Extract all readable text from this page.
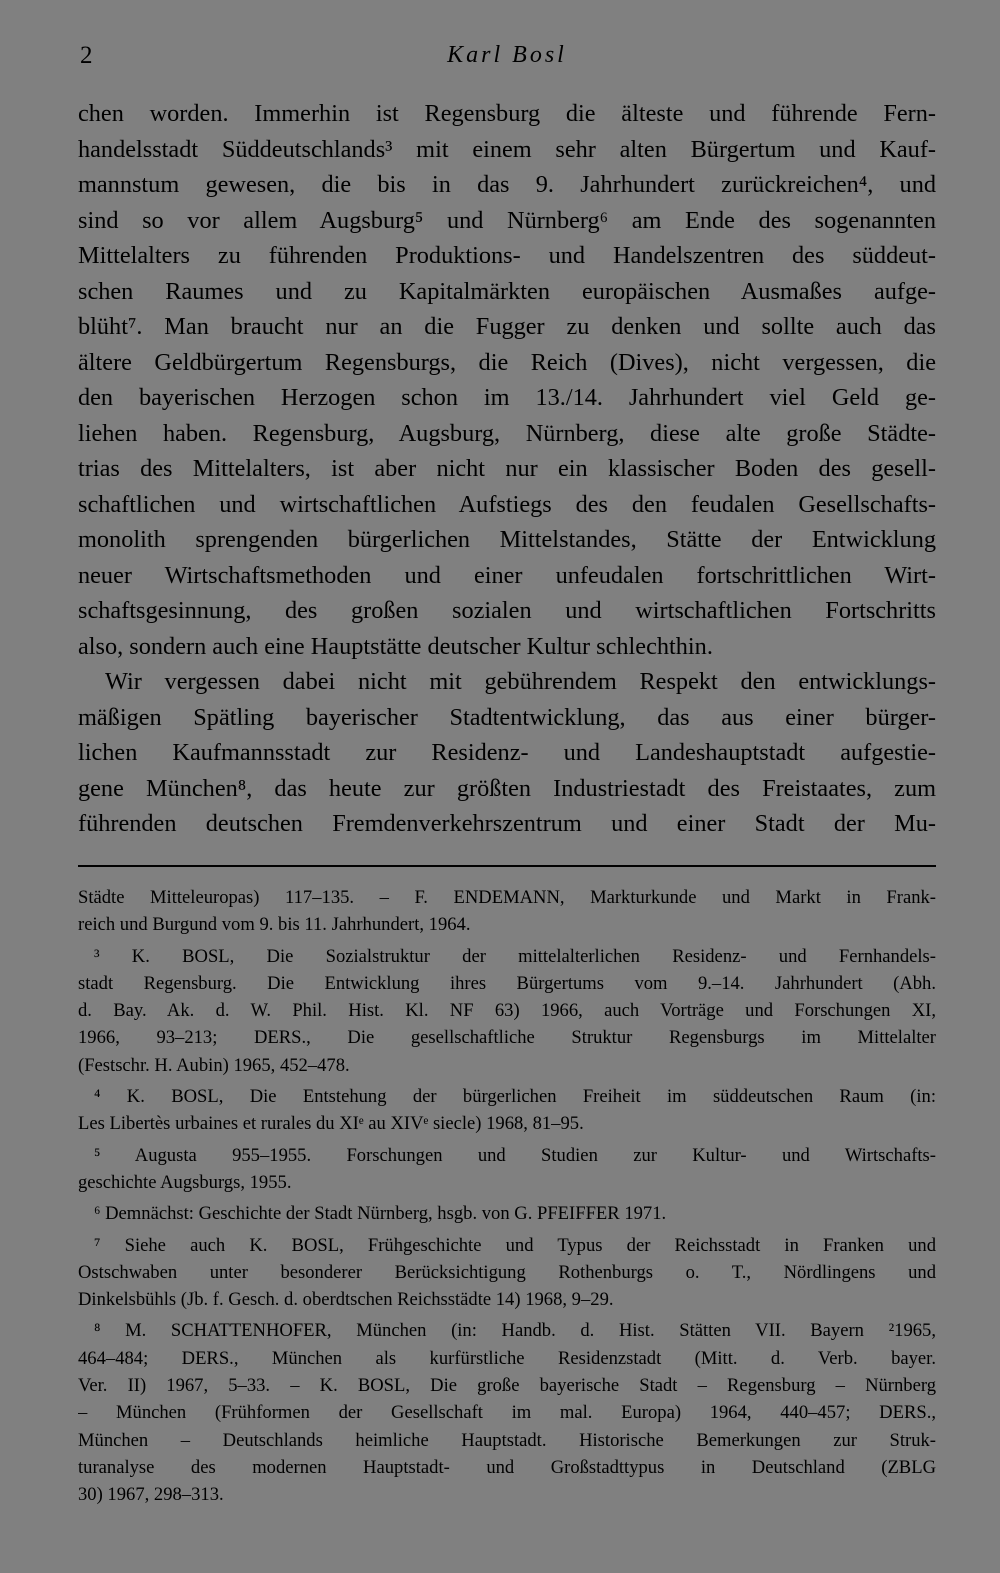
2	Karl Bosl
chen worden. Immerhin ist Regensburg die älteste und führende Fern-
handelsstadt Süddeutschlands³ mit einem sehr alten Bürgertum und Kauf-
mannstum gewesen, die bis in das 9. Jahrhundert zurückreichen⁴, und
sind so vor allem Augsburg⁵ und Nürnberg⁶ am Ende des sogenannten
Mittelalters zu führenden Produktions- und Handelszentren des süddeut-
schen Raumes und zu Kapitalmärkten europäischen Ausmaßes aufge-
blüht⁷. Man braucht nur an die Fugger zu denken und sollte auch das
ältere Geldbürgertum Regensburgs, die Reich (Dives), nicht vergessen, die
den bayerischen Herzogen schon im 13./14. Jahrhundert viel Geld ge-
liehen haben. Regensburg, Augsburg, Nürnberg, diese alte große Städte-
trias des Mittelalters, ist aber nicht nur ein klassischer Boden des gesell-
schaftlichen und wirtschaftlichen Aufstiegs des den feudalen Gesellschafts-
monolith sprengenden bürgerlichen Mittelstandes, Stätte der Entwicklung
neuer Wirtschaftsmethoden und einer unfeudalen fortschrittlichen Wirt-
schaftsgesinnung, des großen sozialen und wirtschaftlichen Fortschritts
also, sondern auch eine Hauptstätte deutscher Kultur schlechthin.
Wir vergessen dabei nicht mit gebührendem Respekt den entwicklungs-
mäßigen Spätling bayerischer Stadtentwicklung, das aus einer bürger-
lichen Kaufmannsstadt zur Residenz- und Landeshauptstadt aufgestie-
gene München⁸, das heute zur größten Industriestadt des Freistaates, zum
führenden deutschen Fremdenverkehrszentrum und einer Stadt der Mu-
Städte Mitteleuropas) 117–135. – F. ENDEMANN, Markturkunde und Markt in Frank-
reich und Burgund vom 9. bis 11. Jahrhundert, 1964.
³ K. BOSL, Die Sozialstruktur der mittelalterlichen Residenz- und Fernhandels-
stadt Regensburg. Die Entwicklung ihres Bürgertums vom 9.–14. Jahrhundert (Abh.
d. Bay. Ak. d. W. Phil. Hist. Kl. NF 63) 1966, auch Vorträge und Forschungen XI,
1966, 93–213; DERS., Die gesellschaftliche Struktur Regensburgs im Mittelalter
(Festschr. H. Aubin) 1965, 452–478.
⁴ K. BOSL, Die Entstehung der bürgerlichen Freiheit im süddeutschen Raum (in:
Les Libertès urbaines et rurales du XIᵉ au XIVᵉ siecle) 1968, 81–95.
⁵ Augusta 955–1955. Forschungen und Studien zur Kultur- und Wirtschafts-
geschichte Augsburgs, 1955.
⁶ Demnächst: Geschichte der Stadt Nürnberg, hsgb. von G. PFEIFFER 1971.
⁷ Siehe auch K. BOSL, Frühgeschichte und Typus der Reichsstadt in Franken und
Ostschwaben unter besonderer Berücksichtigung Rothenburgs o. T., Nördlingens und
Dinkelsbühls (Jb. f. Gesch. d. oberdtschen Reichsstädte 14) 1968, 9–29.
⁸ M. SCHATTENHOFER, München (in: Handb. d. Hist. Stätten VII. Bayern ²1965,
464–484; DERS., München als kurfürstliche Residenzstadt (Mitt. d. Verb. bayer.
Ver. II) 1967, 5–33. – K. BOSL, Die große bayerische Stadt – Regensburg – Nürnberg
– München (Frühformen der Gesellschaft im mal. Europa) 1964, 440–457; DERS.,
München – Deutschlands heimliche Hauptstadt. Historische Bemerkungen zur Struk-
turanalyse des modernen Hauptstadt- und Großstadttypus in Deutschland (ZBLG
30) 1967, 298–313.
